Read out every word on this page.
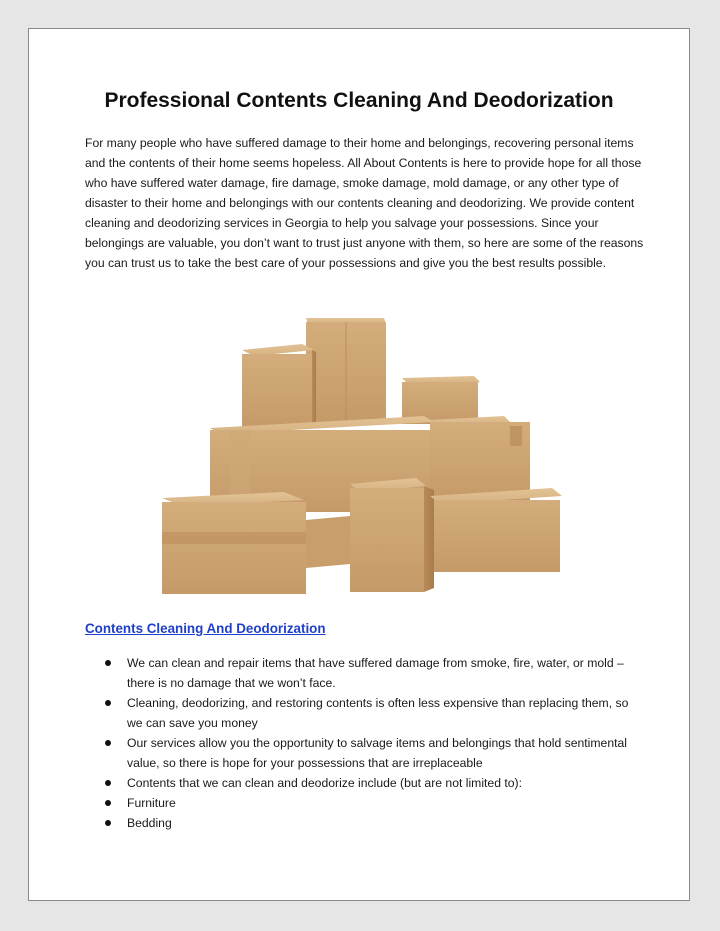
Professional Contents Cleaning And Deodorization

For many people who have suffered damage to their home and belongings, recovering personal items and the contents of their home seems hopeless. All About Contents is here to provide hope for all those who have suffered water damage, fire damage, smoke damage, mold damage, or any other type of disaster to their home and belongings with our contents cleaning and deodorizing. We provide content cleaning and deodorizing services in Georgia to help you salvage your possessions. Since your belongings are valuable, you don’t want to trust just anyone with them, so here are some of the reasons you can trust us to take the best care of your possessions and give you the best results possible.

Contents Cleaning And Deodorization
We can clean and repair items that have suffered damage from smoke, fire, water, or mold – there is no damage that we won’t face.
Cleaning, deodorizing, and restoring contents is often less expensive than replacing them, so we can save you money
Our services allow you the opportunity to salvage items and belongings that hold sentimental value, so there is hope for your possessions that are irreplaceable
Contents that we can clean and deodorize include (but are not limited to):
Furniture
Bedding
